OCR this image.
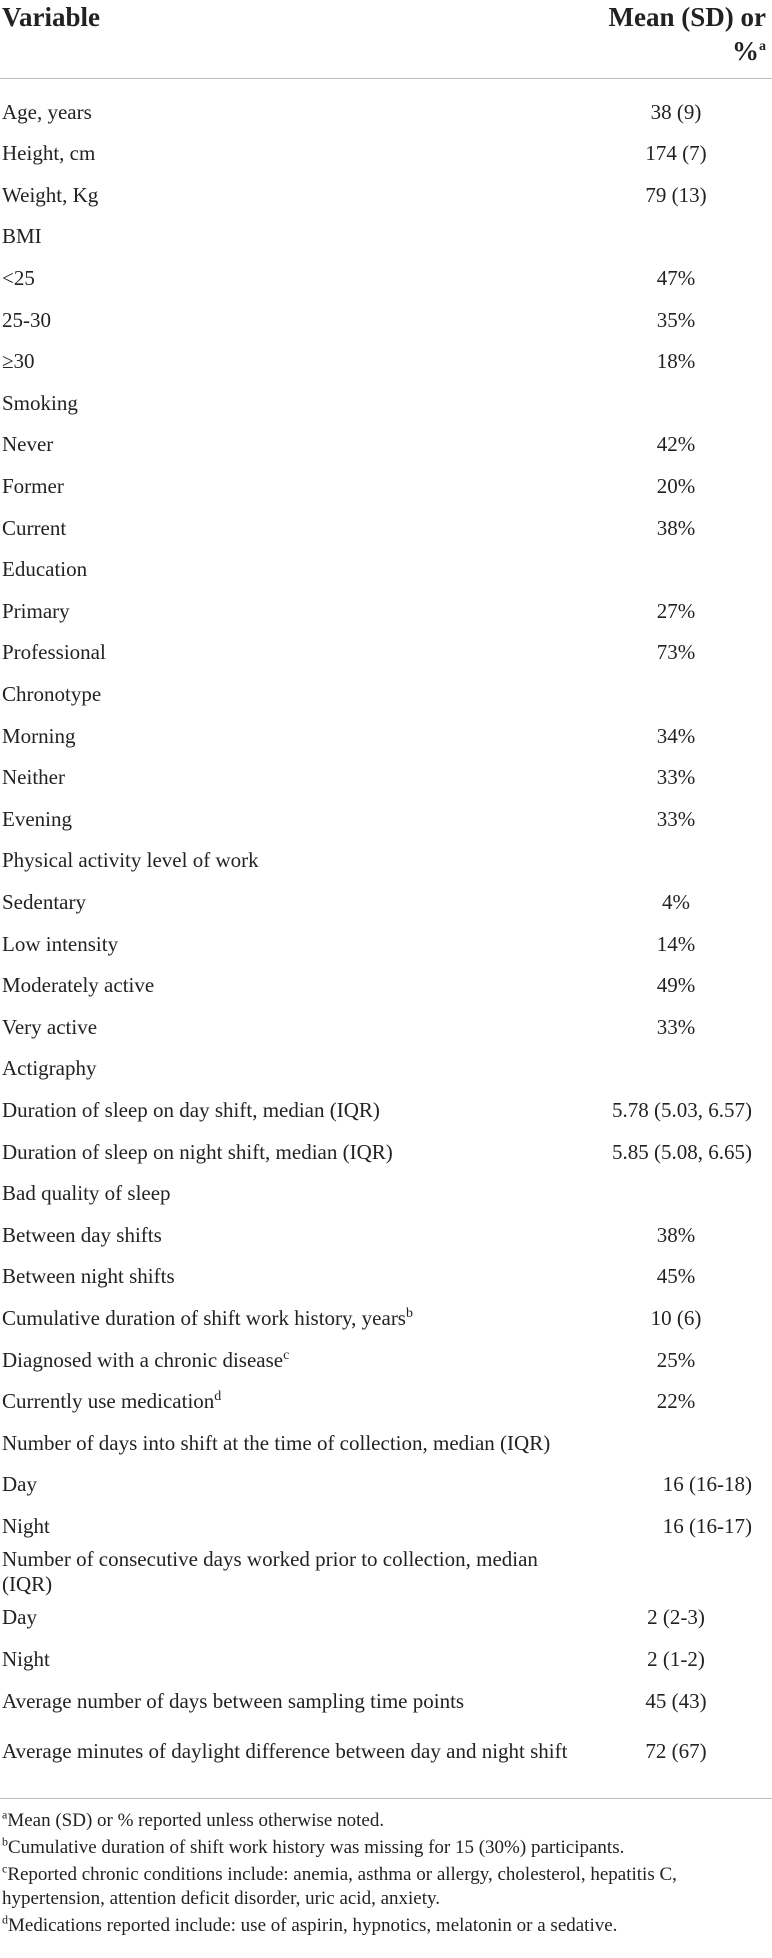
Variable	Mean (SD) or %$^a$
Age, years	38 (9)
Height, cm	174 (7)
Weight, Kg	79 (13)
BMI	
<25	47%
25-30	35%
≥30	18%
Smoking	
Never	42%
Former	20%
Current	38%
Education	
Primary	27%
Professional	73%
Chronotype	
Morning	34%
Neither	33%
Evening	33%
Physical activity level of work	
Sedentary	4%
Low intensity	14%
Moderately active	49%
Very active	33%
Actigraphy	
Duration of sleep on day shift, median (IQR)	5.78 (5.03, 6.57)
Duration of sleep on night shift, median (IQR)	5.85 (5.08, 6.65)
Bad quality of sleep	
Between day shifts	38%
Between night shifts	45%
Cumulative duration of shift work history, years$^b$	10 (6)
Diagnosed with a chronic disease$^c$	25%
Currently use medication$^d$	22%
Number of days into shift at the time of collection, median (IQR)	
Day	16 (16-18)
Night	16 (16-17)
Number of consecutive days worked prior to collection, median (IQR)	
Day	2 (2-3)
Night	2 (1-2)
Average number of days between sampling time points	45 (43)
Average minutes of daylight difference between day and night shift	72 (67)
$^a$Mean (SD) or % reported unless otherwise noted.
$^b$Cumulative duration of shift work history was missing for 15 (30%) participants.
$^c$Reported chronic conditions include: anemia, asthma or allergy, cholesterol, hepatitis C, hypertension, attention deficit disorder, uric acid, anxiety.
$^d$Medications reported include: use of aspirin, hypnotics, melatonin or a sedative.
